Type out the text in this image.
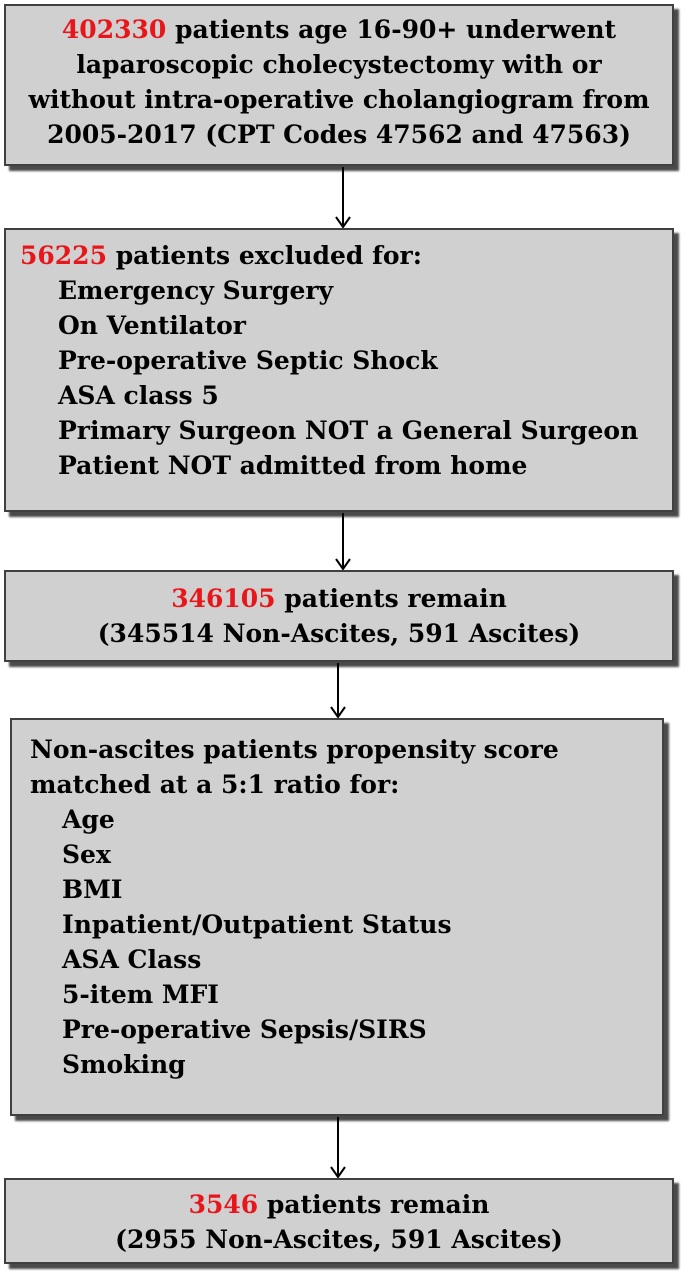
402330 patients age 16-90+ underwent
laparoscopic cholecystectomy with or
without intra-operative cholangiogram from
2005-2017 (CPT Codes 47562 and 47563)
56225 patients excluded for:
Emergency Surgery
On Ventilator
Pre-operative Septic Shock
ASA class 5
Primary Surgeon NOT a General Surgeon
Patient NOT admitted from home
346105 patients remain
(345514 Non-Ascites, 591 Ascites)
Non-ascites patients propensity score
matched at a 5:1 ratio for:
Age
Sex
BMI
Inpatient/Outpatient Status
ASA Class
5-item MFI
Pre-operative Sepsis/SIRS
Smoking
3546 patients remain
(2955 Non-Ascites, 591 Ascites)
